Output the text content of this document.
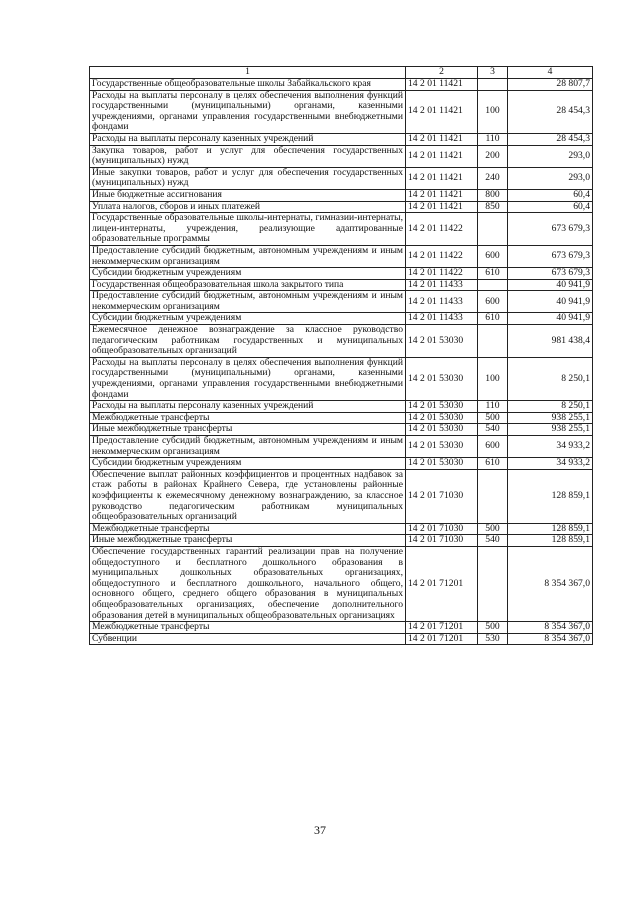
1	2	3	4
Государственные общеобразовательные школы Забайкальского края	14 2 01 11421		28 807,7
Расходы на выплаты персоналу в целях обеспечения выполнения функций государственными (муниципальными) органами, казенными учреждениями, органами управления государственными внебюджетными фондами	14 2 01 11421	100	28 454,3
Расходы на выплаты персоналу казенных учреждений	14 2 01 11421	110	28 454,3
Закупка товаров, работ и услуг для обеспечения государственных (муниципальных) нужд	14 2 01 11421	200	293,0
Иные закупки товаров, работ и услуг для обеспечения государственных (муниципальных) нужд	14 2 01 11421	240	293,0
Иные бюджетные ассигнования	14 2 01 11421	800	60,4
Уплата налогов, сборов и иных платежей	14 2 01 11421	850	60,4
Государственные образовательные школы-интернаты, гимназии-интернаты, лицеи-интернаты, учреждения, реализующие адаптированные образовательные программы	14 2 01 11422		673 679,3
Предоставление субсидий бюджетным, автономным учреждениям и иным некоммерческим организациям	14 2 01 11422	600	673 679,3
Субсидии бюджетным учреждениям	14 2 01 11422	610	673 679,3
Государственная общеобразовательная школа закрытого типа	14 2 01 11433		40 941,9
Предоставление субсидий бюджетным, автономным учреждениям и иным некоммерческим организациям	14 2 01 11433	600	40 941,9
Субсидии бюджетным учреждениям	14 2 01 11433	610	40 941,9
Ежемесячное денежное вознаграждение за классное руководство педагогическим работникам государственных и муниципальных общеобразовательных организаций	14 2 01 53030		981 438,4
Расходы на выплаты персоналу в целях обеспечения выполнения функций государственными (муниципальными) органами, казенными учреждениями, органами управления государственными внебюджетными фондами	14 2 01 53030	100	8 250,1
Расходы на выплаты персоналу казенных учреждений	14 2 01 53030	110	8 250,1
Межбюджетные трансферты	14 2 01 53030	500	938 255,1
Иные межбюджетные трансферты	14 2 01 53030	540	938 255,1
Предоставление субсидий бюджетным, автономным учреждениям и иным некоммерческим организациям	14 2 01 53030	600	34 933,2
Субсидии бюджетным учреждениям	14 2 01 53030	610	34 933,2
Обеспечение выплат районных коэффициентов и процентных надбавок за стаж работы в районах Крайнего Севера, где установлены районные коэффициенты к ежемесячному денежному вознаграждению, за классное руководство педагогическим работникам муниципальных общеобразовательных организаций	14 2 01 71030		128 859,1
Межбюджетные трансферты	14 2 01 71030	500	128 859,1
Иные межбюджетные трансферты	14 2 01 71030	540	128 859,1
Обеспечение государственных гарантий реализации прав на получение общедоступного и бесплатного дошкольного образования в муниципальных дошкольных образовательных организациях, общедоступного и бесплатного дошкольного, начального общего, основного общего, среднего общего образования в муниципальных общеобразовательных организациях, обеспечение дополнительного образования детей в муниципальных общеобразовательных организациях	14 2 01 71201		8 354 367,0
Межбюджетные трансферты	14 2 01 71201	500	8 354 367,0
Субвенции	14 2 01 71201	530	8 354 367,0
37
